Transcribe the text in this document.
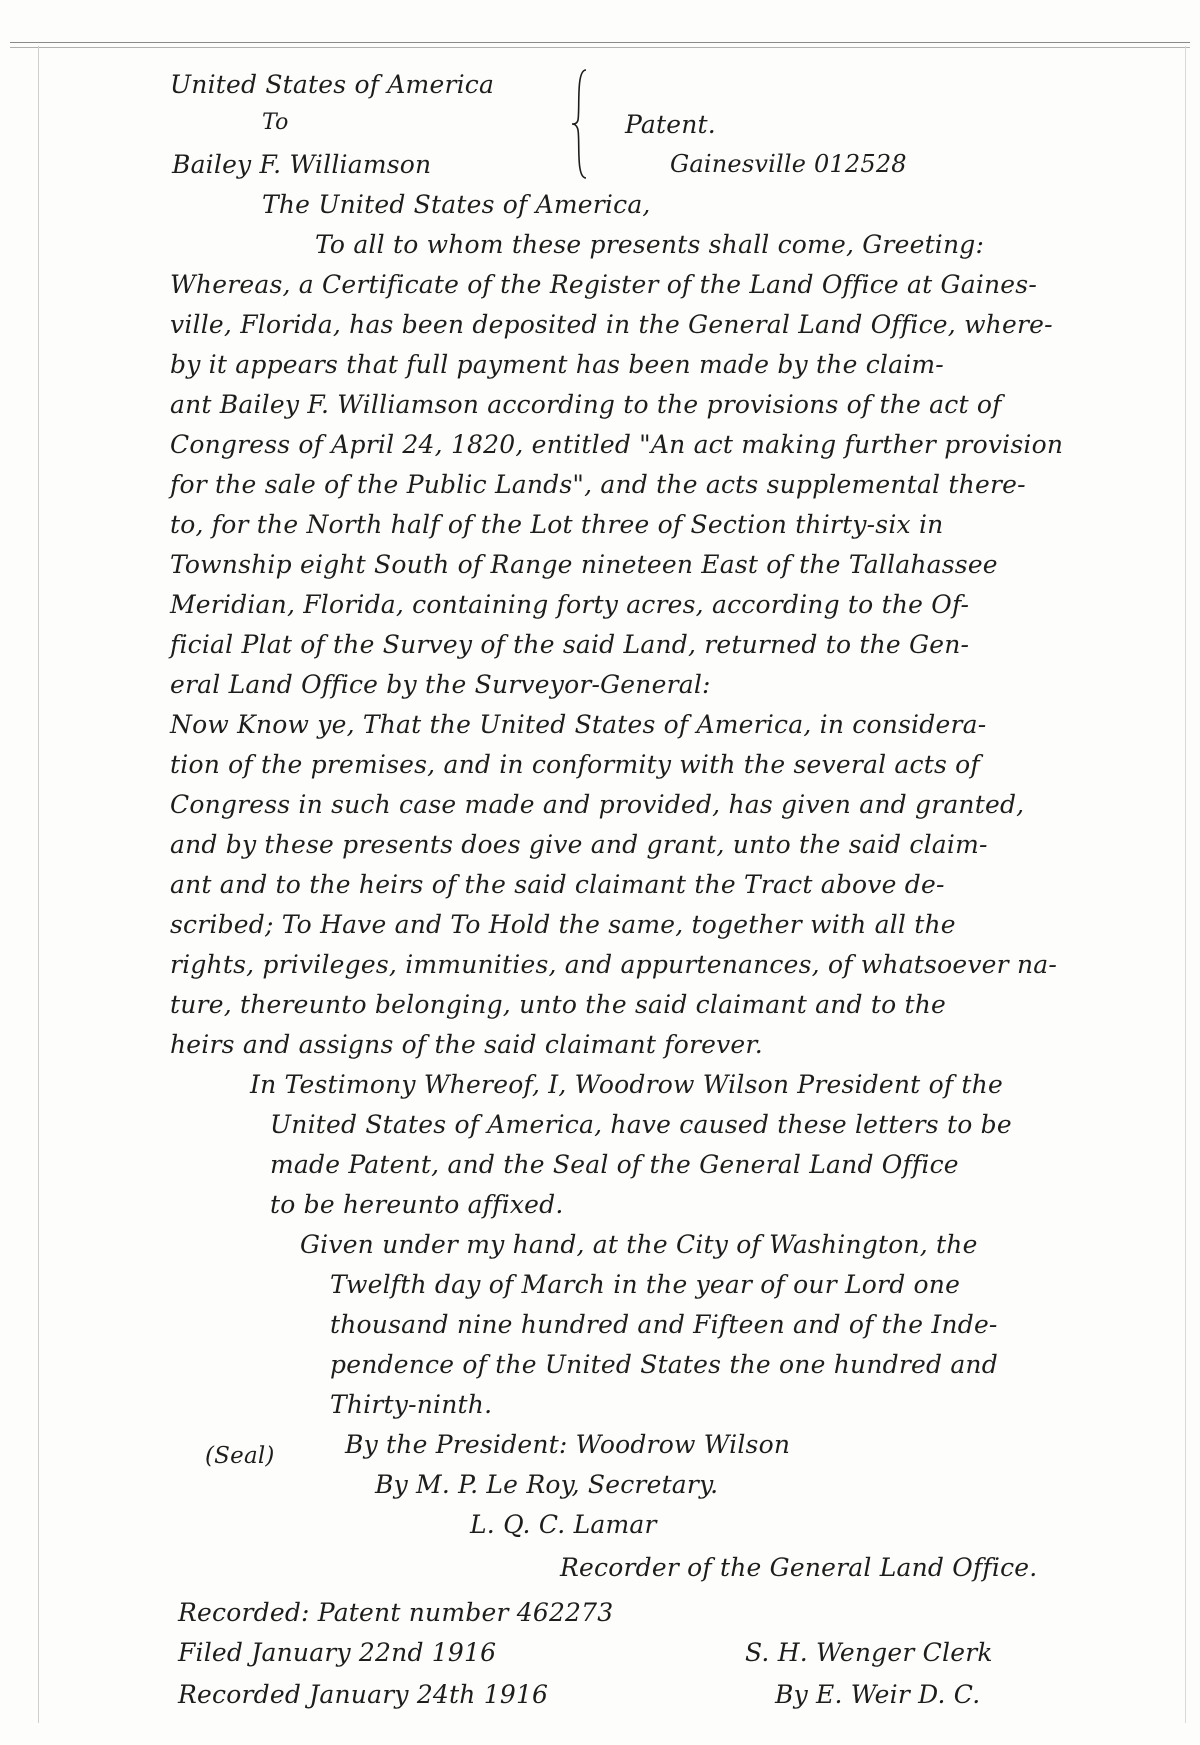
United States of America
To
Bailey F. Williamson
Patent.
Gainesville 012528
The United States of America,
To all to whom these presents shall come, Greeting:
Whereas, a Certificate of the Register of the Land Office at Gaines-
ville, Florida, has been deposited in the General Land Office, where-
by it appears that full payment has been made by the claim-
ant Bailey F. Williamson according to the provisions of the act of
Congress of April 24, 1820, entitled "An act making further provision
for the sale of the Public Lands", and the acts supplemental there-
to, for the North half of the Lot three of Section thirty-six in
Township eight South of Range nineteen East of the Tallahassee
Meridian, Florida, containing forty acres, according to the Of-
ficial Plat of the Survey of the said Land, returned to the Gen-
eral Land Office by the Surveyor-General:
Now Know ye, That the United States of America, in considera-
tion of the premises, and in conformity with the several acts of
Congress in such case made and provided, has given and granted,
and by these presents does give and grant, unto the said claim-
ant and to the heirs of the said claimant the Tract above de-
scribed; To Have and To Hold the same, together with all the
rights, privileges, immunities, and appurtenances, of whatsoever na-
ture, thereunto belonging, unto the said claimant and to the
heirs and assigns of the said claimant forever.
In Testimony Whereof, I, Woodrow Wilson President of the
United States of America, have caused these letters to be
made Patent, and the Seal of the General Land Office
to be hereunto affixed.
Given under my hand, at the City of Washington, the
Twelfth day of March in the year of our Lord one
thousand nine hundred and Fifteen and of the Inde-
pendence of the United States the one hundred and
Thirty-ninth.
(Seal)	By the President: Woodrow Wilson
By M. P. Le Roy, Secretary.
L. Q. C. Lamar
Recorder of the General Land Office.
Recorded: Patent number 462273
Filed January 22nd 1916
Recorded January 24th 1916
S. H. Wenger Clerk
By E. Weir D. C.
